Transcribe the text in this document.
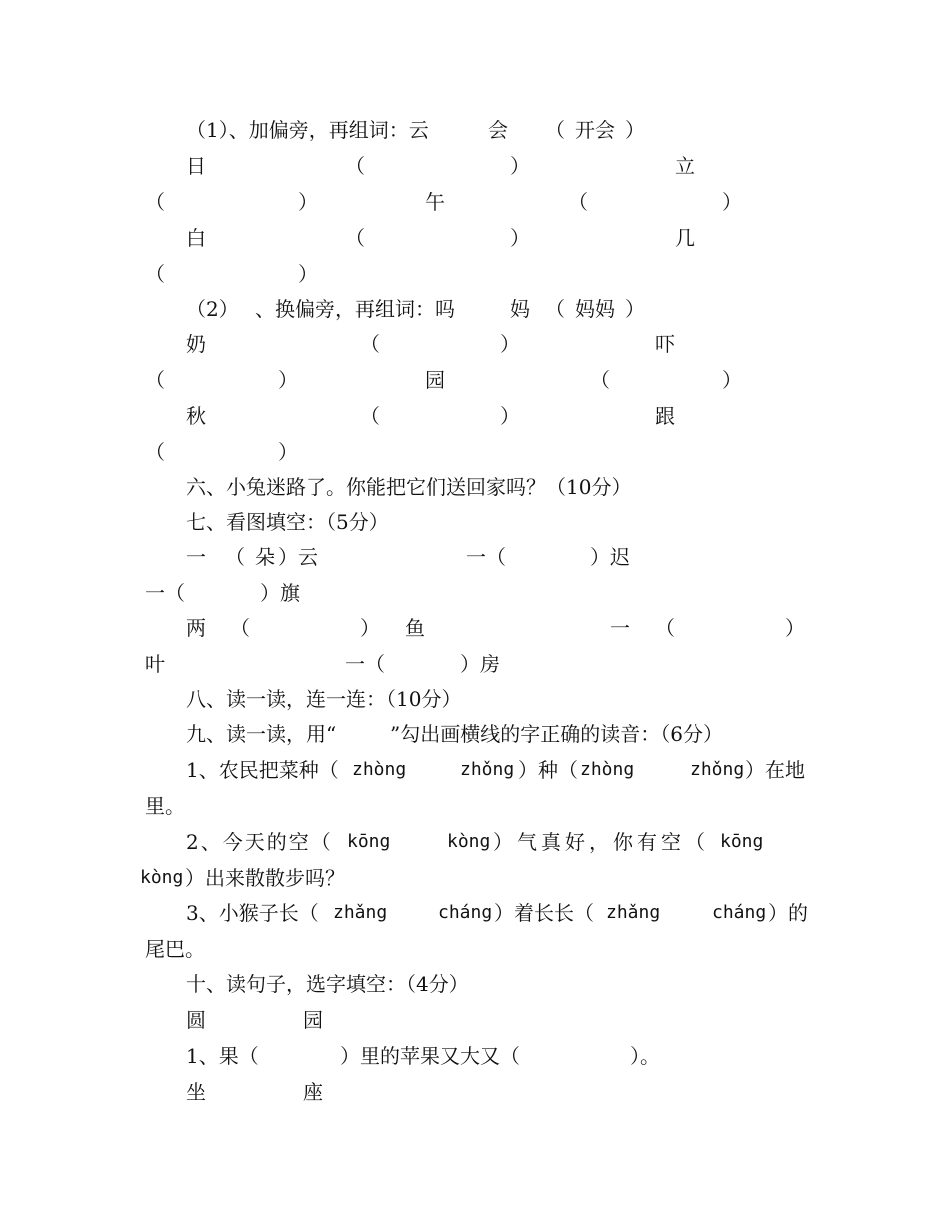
（1）、加偏旁，再组词：云	会 （ 开会 ）
日	（	）	立
（	）	午	（	）
白	（	）	几
（	）
（2） 、换偏旁，再组词：吗	妈 （ 妈妈 ）
奶	（	）	吓
（	）	园	（	）
秋	（	）	跟
（	）
六、小兔迷路了。你能把它们送回家吗？（10分）
七、看图填空：（5分）
一 （ 朵 ）云	一（	）迟
一（	）旗
两 （	） 鱼	一 （	）
叶	一（	）房
八、读一读，连一连：（10分）
九、读一读，用“	”勾出画横线的字正确的读音：（6分）
1、农民把菜种（ zhòng	zhǒng ）种（ zhòng	zhǒng ）在地
里。
2、今天的空（ kōng	kòng ）气真好，你有空（ kōng
kòng ）出来散散步吗？
3、小猴子长（ zhǎng	cháng ）着长长（ zhǎng	cháng ）的
尾巴。
十、读句子，选字填空：（4分）
圆	园
1、果（	）里的苹果又大又（	）。
坐	座
